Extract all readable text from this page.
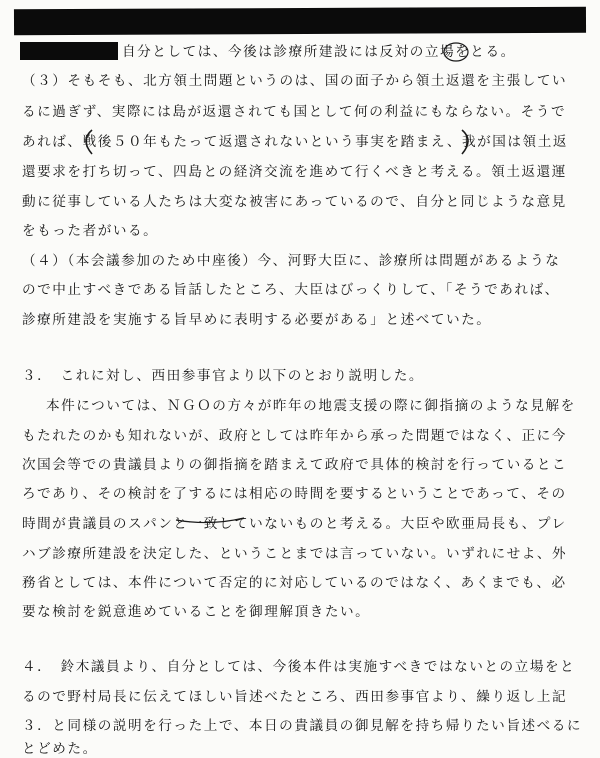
自分としては、今後は診療所建設には反対の立場をとる。
（３）そもそも、北方領土問題というのは、国の面子から領土返還を主張してい
るに過ぎず、実際には島が返還されても国として何の利益にもならない。そうで
あれば、戦後５０年もたって返還されないという事実を踏まえ、我が国は領土返
還要求を打ち切って、四島との経済交流を進めて行くべきと考える。領土返還運
動に従事している人たちは大変な被害にあっているので、自分と同じような意見
をもった者がいる。
（４）（本会議参加のため中座後）今、河野大臣に、診療所は問題があるような
ので中止すべきである旨話したところ、大臣はびっくりして、「そうであれば、
診療所建設を実施する旨早めに表明する必要がある」と述べていた。
３．　これに対し、西田参事官より以下のとおり説明した。
本件については、ＮＧＯの方々が昨年の地震支援の際に御指摘のような見解を
もたれたのかも知れないが、政府としては昨年から承った問題ではなく、正に今
次国会等での貴議員よりの御指摘を踏まえて政府で具体的検討を行っているとこ
ろであり、その検討を了するには相応の時間を要するということであって、その
時間が貴議員のスパンと一致していないものと考える。大臣や欧亜局長も、プレ
ハブ診療所建設を決定した、ということまでは言っていない。いずれにせよ、外
務省としては、本件について否定的に対応しているのではなく、あくまでも、必
要な検討を鋭意進めていることを御理解頂きたい。
４．　鈴木議員より、自分としては、今後本件は実施すべきではないとの立場をと
るので野村局長に伝えてほしい旨述べたところ、西田参事官より、繰り返し上記
３．と同様の説明を行った上で、本日の貴議員の御見解を持ち帰りたい旨述べるに
とどめた。
